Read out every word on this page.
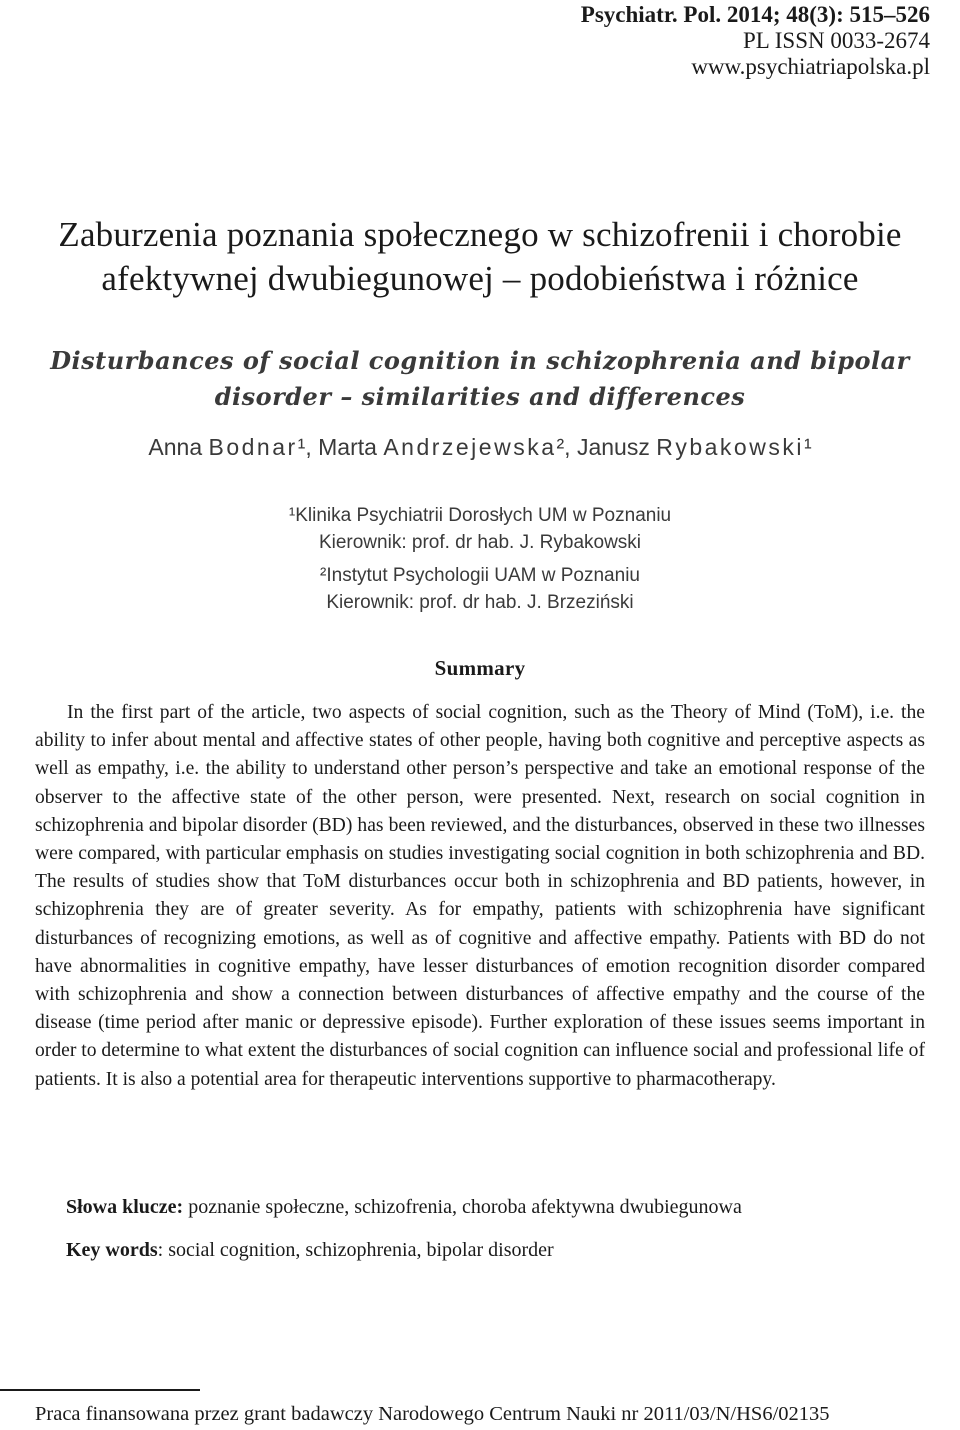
Psychiatr. Pol. 2014; 48(3): 515–526
PL ISSN 0033-2674
www.psychiatriapolska.pl
Zaburzenia poznania społecznego w schizofrenii i chorobie
afektywnej dwubiegunowej – podobieństwa i różnice
Disturbances of social cognition in schizophrenia and bipolar
disorder – similarities and differences
Anna Bodnar¹, Marta Andrzejewska², Janusz Rybakowski¹
¹Klinika Psychiatrii Dorosłych UM w Poznaniu
Kierownik: prof. dr hab. J. Rybakowski
²Instytut Psychologii UAM w Poznaniu
Kierownik: prof. dr hab. J. Brzeziński
Summary
In the first part of the article, two aspects of social cognition, such as the Theory of Mind (ToM), i.e. the ability to infer about mental and affective states of other people, having both cognitive and perceptive aspects as well as empathy, i.e. the ability to understand other person’s perspective and take an emotional response of the observer to the affective state of the other person, were presented. Next, research on social cognition in schizophrenia and bipolar disorder (BD) has been reviewed, and the disturbances, observed in these two illnesses were compared, with particular emphasis on studies investigating social cognition in both schizophrenia and BD. The results of studies show that ToM disturbances occur both in schizophrenia and BD patients, however, in schizophrenia they are of greater severity. As for empathy, patients with schizophrenia have significant disturbances of recognizing emotions, as well as of cognitive and affective empathy. Patients with BD do not have abnormalities in cognitive empathy, have lesser disturbances of emotion recognition disorder compared with schizophrenia and show a connection between disturbances of affective empathy and the course of the disease (time period after manic or depressive episode). Further exploration of these issues seems important in order to determine to what extent the disturbances of social cognition can influence social and professional life of patients. It is also a potential area for therapeutic interventions supportive to pharmacotherapy.
Słowa klucze: poznanie społeczne, schizofrenia, choroba afektywna dwubiegunowa
Key words: social cognition, schizophrenia, bipolar disorder
Praca finansowana przez grant badawczy Narodowego Centrum Nauki nr 2011/03/N/HS6/02135
